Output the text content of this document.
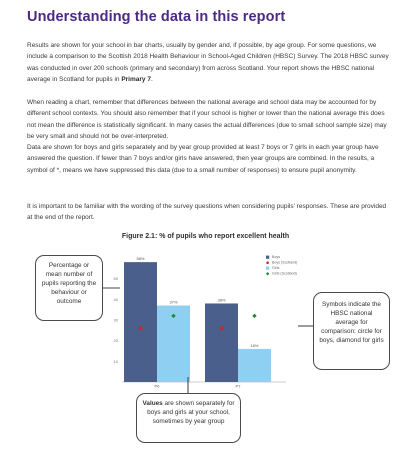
Understanding the data in this report

Results are shown for your school in bar charts, usually by gender and, if possible, by age group. For some questions, we include a comparison to the Scottish 2018 Health Behaviour in School-Aged Children (HBSC) Survey. The 2018 HBSC survey was conducted in over 200 schools (primary and secondary) from across Scotland. Your report shows the HBSC national average in Scotland for pupils in Primary 7.

When reading a chart, remember that differences between the national average and school data may be accounted for by different school contexts. You should also remember that if your school is higher or lower than the national average this does not mean the difference is statistically significant. In many cases the actual differences (due to small school sample size) may be very small and should not be over-interpreted.

Data are shown for boys and girls separately and by year group provided at least 7 boys or 7 girls in each year group have answered the question. If fewer than 7 boys and/or girls have answered, then year groups are combined. In the results, a symbol of *, means we have suppressed this data (due to a small number of responses) to ensure pupil anonymity.

It is important to be familiar with the wording of the survey questions when considering pupils' responses. These are provided at the end of the report.

Figure 2.1: % of pupils who report excellent health

10
20
30
40
50
58%
37%
P6
38%
16%
P7
Boys
Boys (Scotland)
Girls
Girls (Scotland)
Percentage or mean number of pupils reporting the behaviour or outcome	Symbols indicate the HBSC national average for comparison: circle for boys, diamond for girls
Values are shown separately for boys and girls at your school, sometimes by year group
